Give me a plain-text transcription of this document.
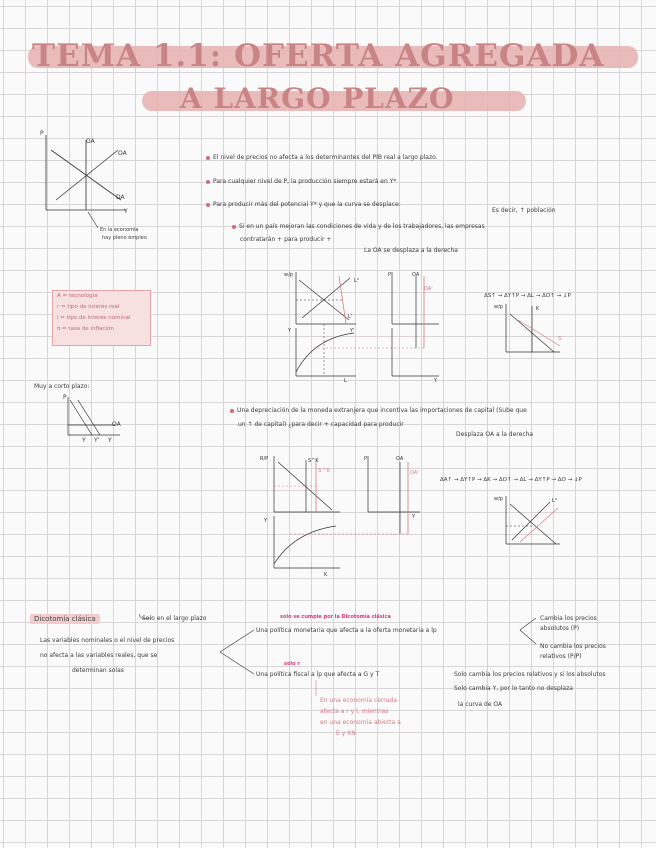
TEMA 1.1: OFERTA AGREGADA
A LARGO PLAZO
P
OA
OA
DA
Y
En la economía
hay pleno empleo
A = tecnología
r = tipo de interés real
i = tipo de interés nominal
π = tasa de inflación
Muy a corto plazo:
P
OA
Y Y' Y
El nivel de precios no afecta a los determinantes del PIB real a largo plazo.
Para cualquier nivel de P, la producción siempre estará en Y*
Para producir más del potencial Y* y que la curva se desplace:
Es decir, ↑ población
Si en un país mejoran las condiciones de vida y de los trabajadores, las empresas
contratarán + para producir +
La OA se desplaza a la derecha
w/p
L°
L'
P	OA
OA'
Y	Y'
Y
L
ΔS↑ → ΔY↑P → ΔL → ΔO↑ → ↓P
w/p	K
S'
Una depreciación de la moneda extranjera que incentiva las importaciones de capital (Sube que
un ↑ de capital) ¿para decir + capacidad para producir
Desplaza OA a la derecha
R/P	S^K
S'^K
P	OA
OA'
Y
Y
K
ΔA↑ → ΔY↑P → ΔK → ΔO↑ → ΔL → ΔY↑P → ΔO → ↓P
w/p	L°
Dicotomía clásica	Solo en el largo plazo
Las variables nominales o el nivel de precios
no afecta a las variables reales, que se
determinan solas
solo se cumple por la Dicotomía clásica
Una política monetaria que afecta a la oferta monetaria a lp
Cambia los precios
absolutos (P)
No cambia los precios
relativos (P/P)
solo r
Una política fiscal a lp que afecta a G y T	Solo cambia los precios relativos y si los absolutos
Solo cambia Y, por lo tanto no desplaza
la curva de OA
En una economía cerrada
afecta a r y I, mientras
en una economía abierta a
E y XN
